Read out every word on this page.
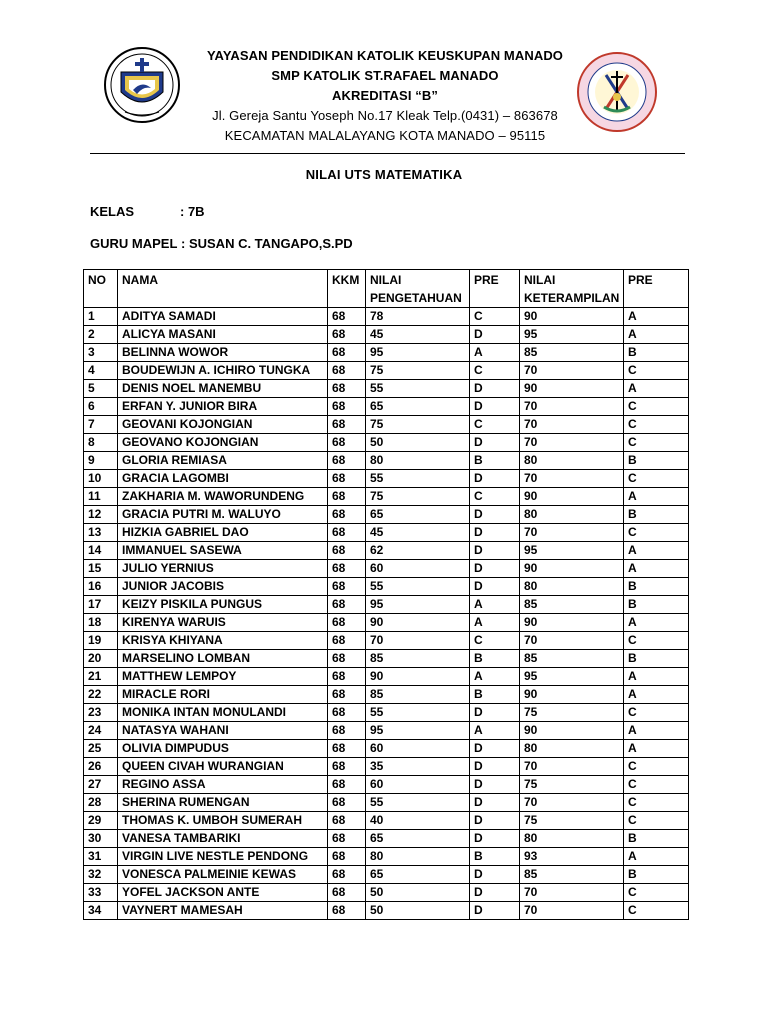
YAYASAN PENDIDIKAN KATOLIK KEUSKUPAN MANADO
SMP KATOLIK ST.RAFAEL MANADO
AKREDITASI “B”
Jl. Gereja Santu Yoseph No.17 Kleak Telp.(0431) – 863678
KECAMATAN MALALAYANG KOTA MANADO – 95115
NILAI UTS MATEMATIKA
KELAS	: 7B
GURU MAPEL : SUSAN C. TANGAPO,S.PD
NO	NAMA	KKM	NILAI PENGETAHUAN	PRE	NILAI KETERAMPILAN	PRE
1	ADITYA SAMADI	68	78	C	90	A
2	ALICYA MASANI	68	45	D	95	A
3	BELINNA WOWOR	68	95	A	85	B
4	BOUDEWIJN A. ICHIRO TUNGKA	68	75	C	70	C
5	DENIS NOEL MANEMBU	68	55	D	90	A
6	ERFAN Y. JUNIOR BIRA	68	65	D	70	C
7	GEOVANI KOJONGIAN	68	75	C	70	C
8	GEOVANO KOJONGIAN	68	50	D	70	C
9	GLORIA REMIASA	68	80	B	80	B
10	GRACIA LAGOMBI	68	55	D	70	C
11	ZAKHARIA M. WAWORUNDENG	68	75	C	90	A
12	GRACIA PUTRI M. WALUYO	68	65	D	80	B
13	HIZKIA GABRIEL DAO	68	45	D	70	C
14	IMMANUEL SASEWA	68	62	D	95	A
15	JULIO YERNIUS	68	60	D	90	A
16	JUNIOR JACOBIS	68	55	D	80	B
17	KEIZY PISKILA PUNGUS	68	95	A	85	B
18	KIRENYA WARUIS	68	90	A	90	A
19	KRISYA KHIYANA	68	70	C	70	C
20	MARSELINO LOMBAN	68	85	B	85	B
21	MATTHEW LEMPOY	68	90	A	95	A
22	MIRACLE RORI	68	85	B	90	A
23	MONIKA INTAN MONULANDI	68	55	D	75	C
24	NATASYA WAHANI	68	95	A	90	A
25	OLIVIA DIMPUDUS	68	60	D	80	A
26	QUEEN CIVAH WURANGIAN	68	35	D	70	C
27	REGINO ASSA	68	60	D	75	C
28	SHERINA RUMENGAN	68	55	D	70	C
29	THOMAS K. UMBOH SUMERAH	68	40	D	75	C
30	VANESA TAMBARIKI	68	65	D	80	B
31	VIRGIN LIVE NESTLE PENDONG	68	80	B	93	A
32	VONESCA PALMEINIE KEWAS	68	65	D	85	B
33	YOFEL JACKSON ANTE	68	50	D	70	C
34	VAYNERT MAMESAH	68	50	D	70	C
